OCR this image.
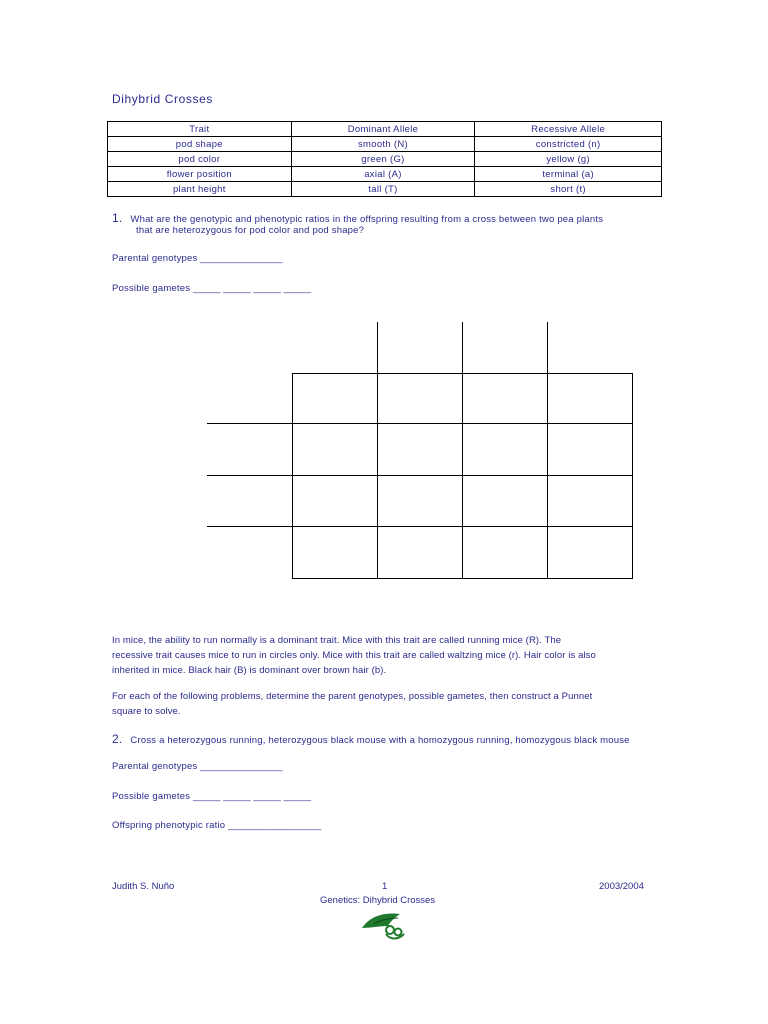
Dihybrid Crosses
Trait	Dominant Allele	Recessive Allele
pod shape	smooth (N)	constricted (n)
pod color	green (G)	yellow (g)
flower position	axial (A)	terminal (a)
plant height	tall (T)	short (t)
1. What are the genotypic and phenotypic ratios in the offspring resulting from a cross between two pea plants
that are heterozygous for pod color and pod shape?
Parental genotypes _______________
Possible gametes _____ _____ _____ _____
In mice, the ability to run normally is a dominant trait. Mice with this trait are called running mice (R). The
recessive trait causes mice to run in circles only. Mice with this trait are called waltzing mice (r). Hair color is also
inherited in mice. Black hair (B) is dominant over brown hair (b).
For each of the following problems, determine the parent genotypes, possible gametes, then construct a Punnet
square to solve.
2. Cross a heterozygous running, heterozygous black mouse with a homozygous running, homozygous black mouse
Parental genotypes _______________
Possible gametes _____ _____ _____ _____
Offspring phenotypic ratio _________________
Judith S. Nuño	1	2003/2004
Genetics: Dihybrid Crosses
